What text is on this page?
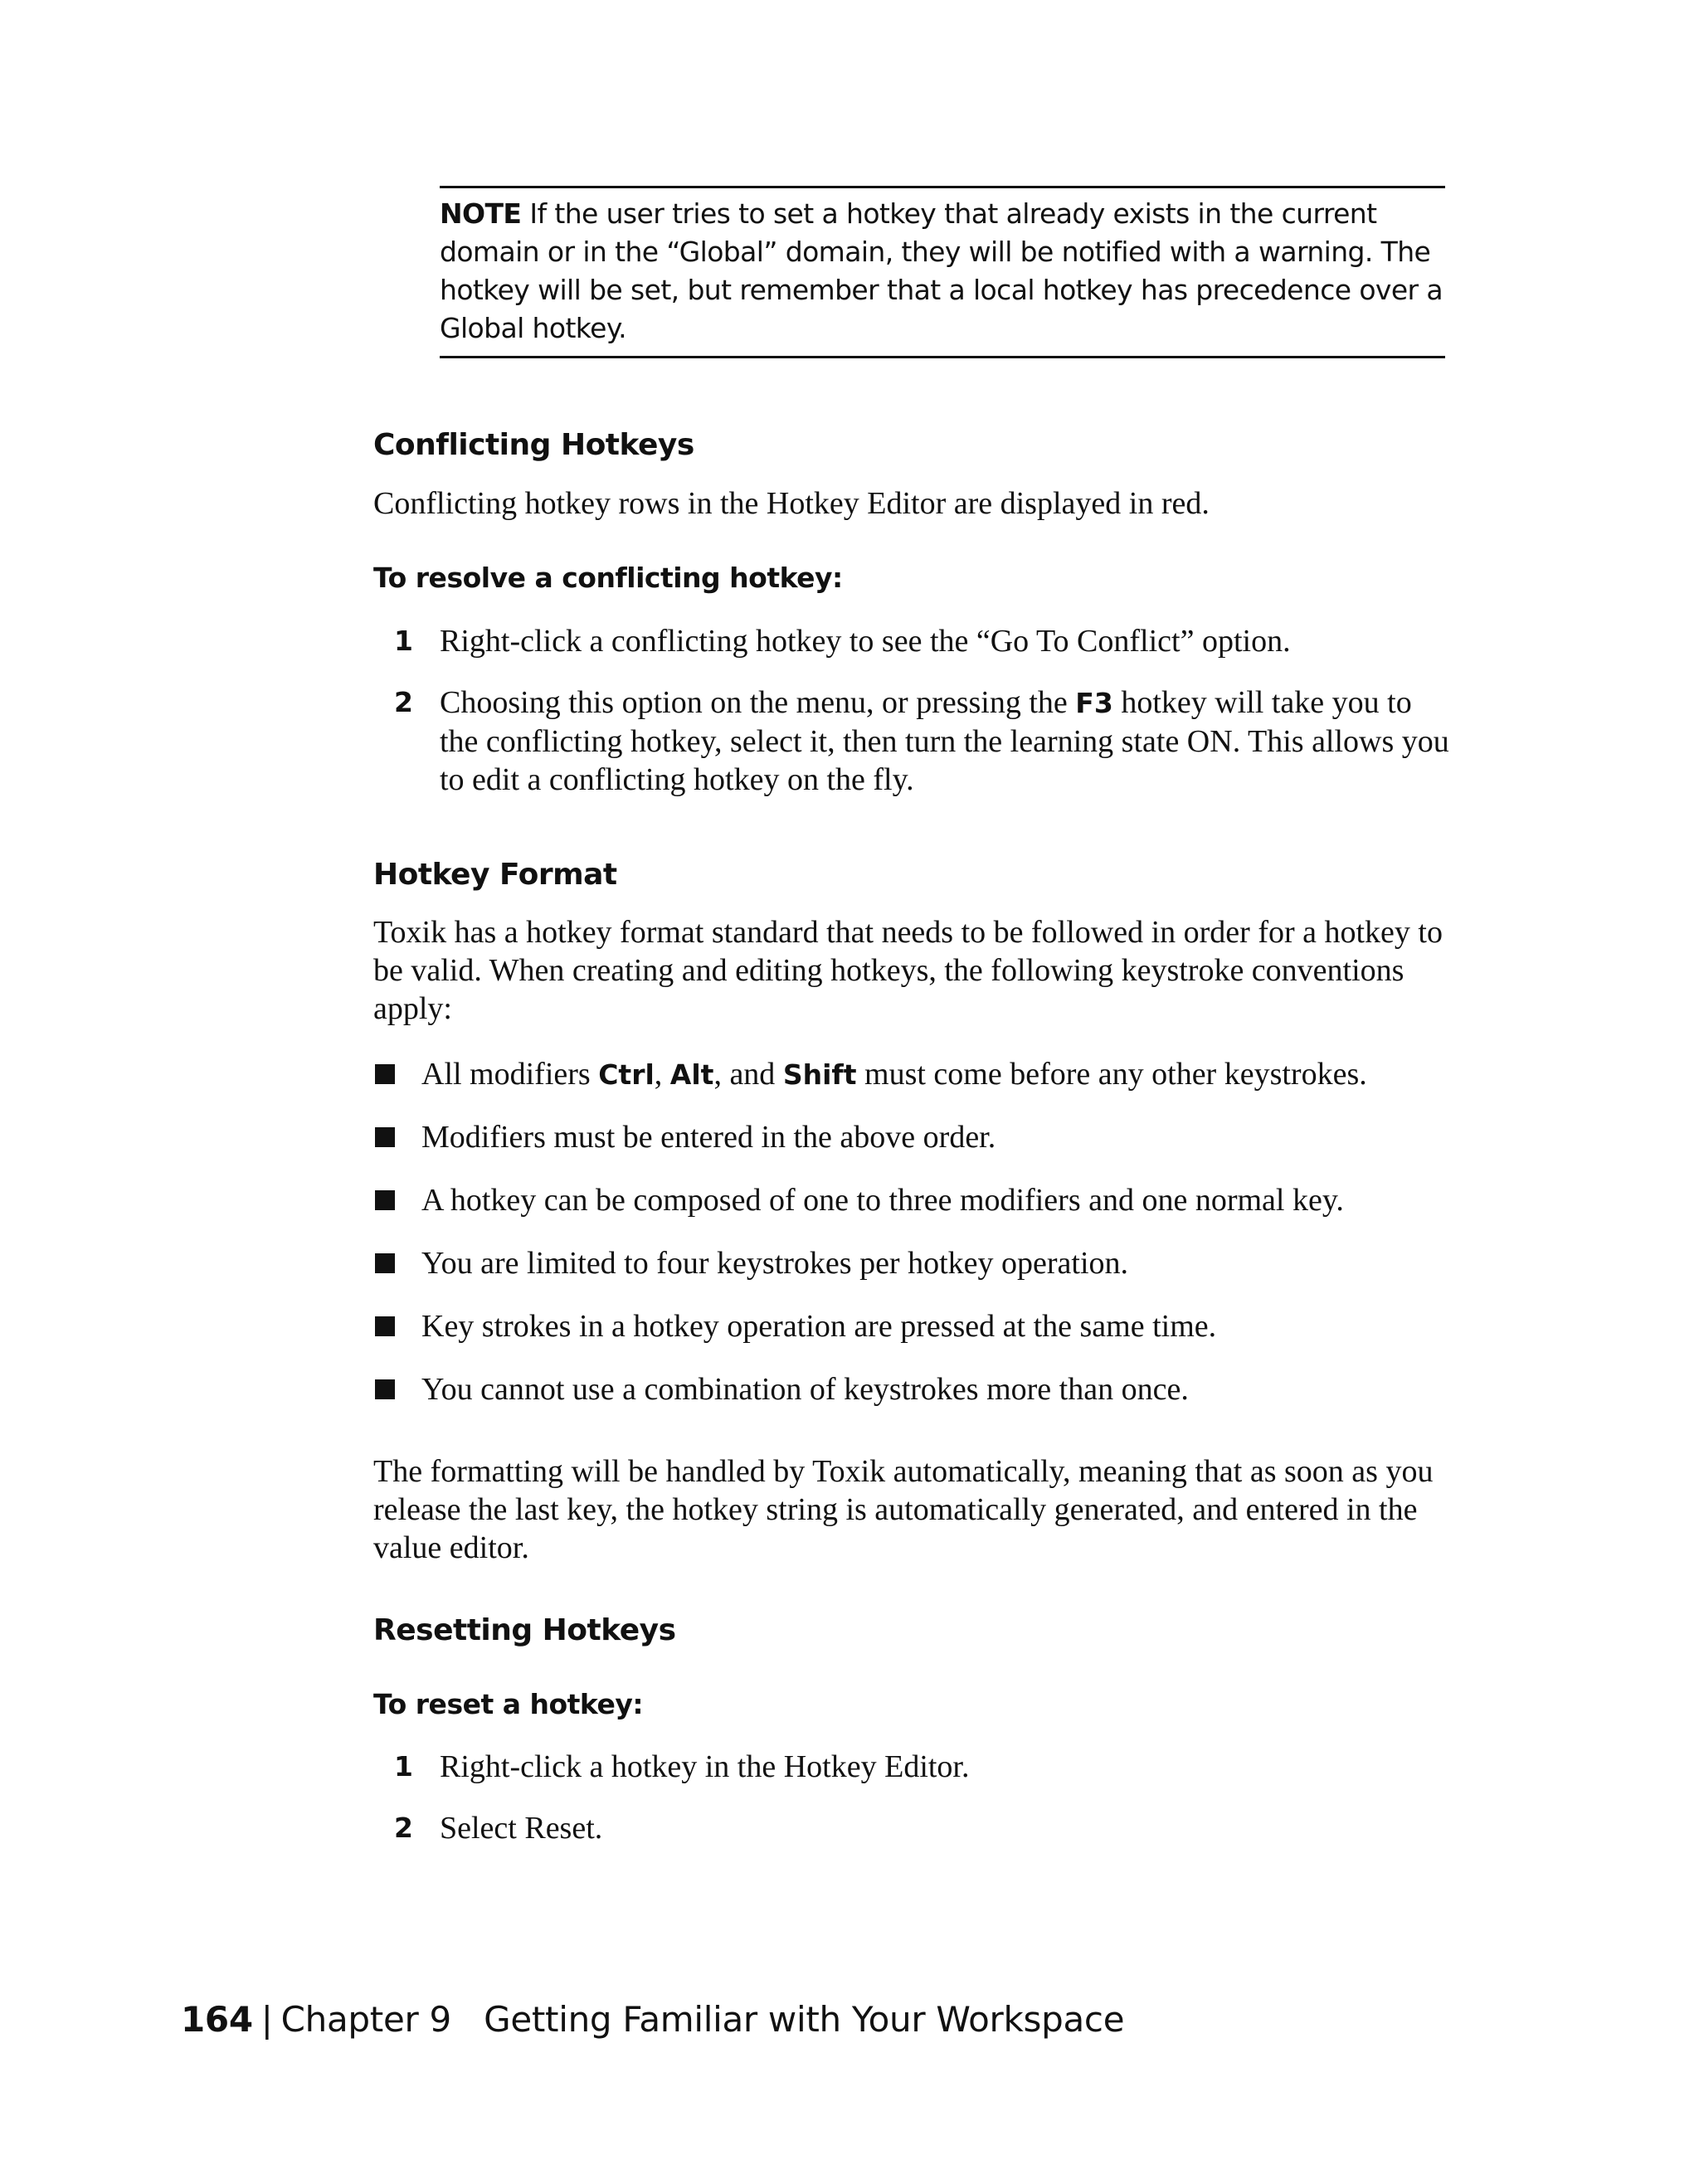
NOTE If the user tries to set a hotkey that already exists in the current domain or in the “Global” domain, they will be notified with a warning. The hotkey will be set, but remember that a local hotkey has precedence over a Global hotkey.
Conflicting Hotkeys

Conflicting hotkey rows in the Hotkey Editor are displayed in red.

To resolve a conflicting hotkey:
1 Right-click a conflicting hotkey to see the “Go To Conflict” option.
2 Choosing this option on the menu, or pressing the F3 hotkey will take you to the conflicting hotkey, select it, then turn the learning state ON. This allows you to edit a conflicting hotkey on the fly.
Hotkey Format

Toxik has a hotkey format standard that needs to be followed in order for a hotkey to be valid. When creating and editing hotkeys, the following keystroke conventions apply:

All modifiers Ctrl, Alt, and Shift must come before any other keystrokes.
Modifiers must be entered in the above order.
A hotkey can be composed of one to three modifiers and one normal key.
You are limited to four keystrokes per hotkey operation.
Key strokes in a hotkey operation are pressed at the same time.
You cannot use a combination of keystrokes more than once.

The formatting will be handled by Toxik automatically, meaning that as soon as you release the last key, the hotkey string is automatically generated, and entered in the value editor.

Resetting Hotkeys
To reset a hotkey:
1 Right-click a hotkey in the Hotkey Editor.
2 Select Reset.
164 | Chapter 9 Getting Familiar with Your Workspace
